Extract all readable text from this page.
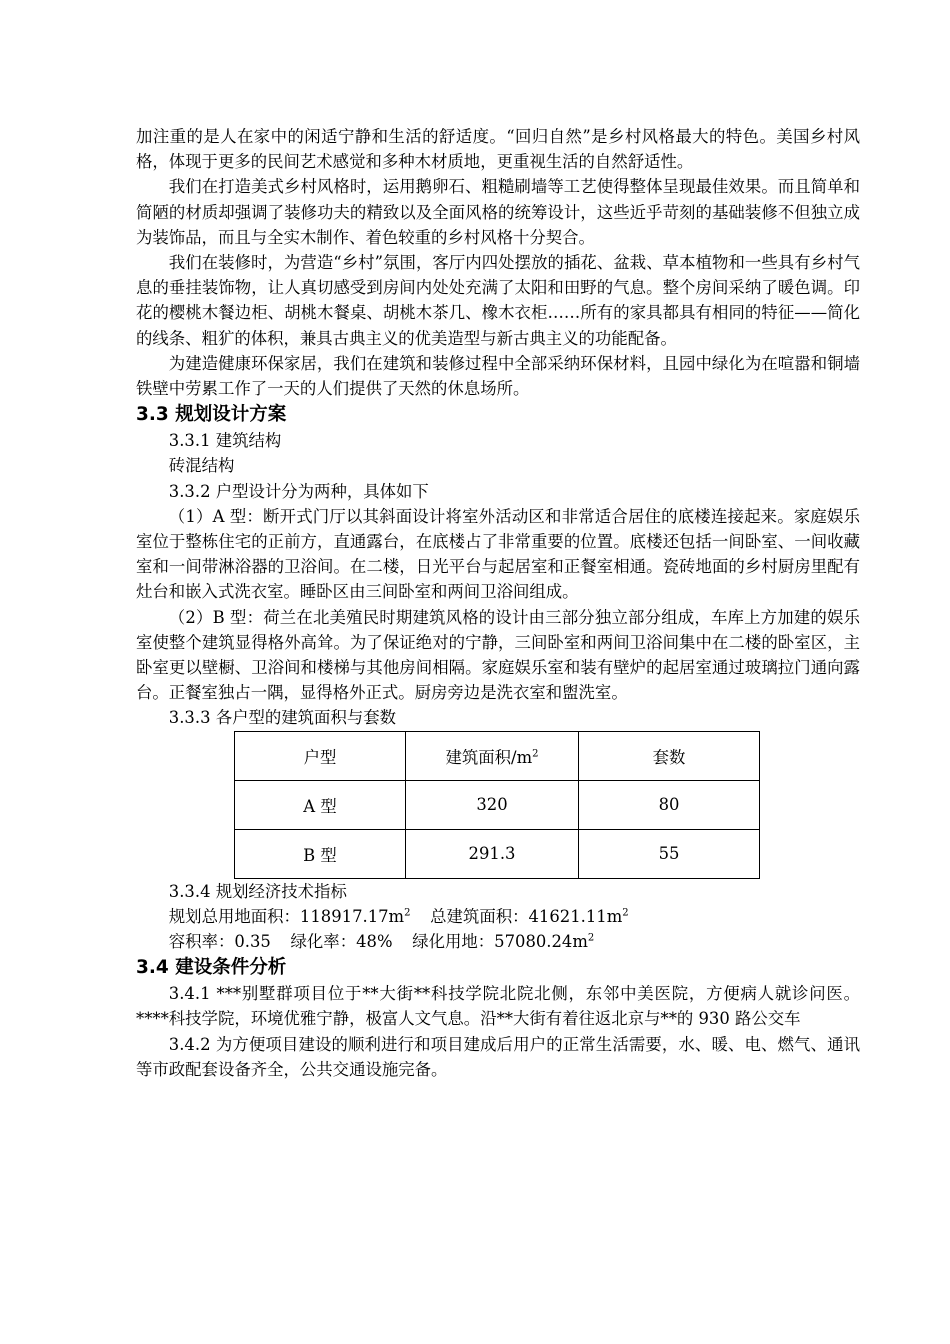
加注重的是人在家中的闲适宁静和生活的舒适度。“回归自然”是乡村风格最大的特色。美国乡村风格，体现于更多的民间艺术感觉和多种木材质地，更重视生活的自然舒适性。

我们在打造美式乡村风格时，运用鹅卵石、粗糙刷墙等工艺使得整体呈现最佳效果。而且简单和简陋的材质却强调了装修功夫的精致以及全面风格的统筹设计，这些近乎苛刻的基础装修不但独立成为装饰品，而且与全实木制作、着色较重的乡村风格十分契合。

我们在装修时，为营造“乡村”氛围，客厅内四处摆放的插花、盆栽、草本植物和一些具有乡村气息的垂挂装饰物，让人真切感受到房间内处处充满了太阳和田野的气息。整个房间采纳了暖色调。印花的樱桃木餐边柜、胡桃木餐桌、胡桃木茶几、橡木衣柜……所有的家具都具有相同的特征——简化的线条、粗犷的体积，兼具古典主义的优美造型与新古典主义的功能配备。

为建造健康环保家居，我们在建筑和装修过程中全部采纳环保材料，且园中绿化为在喧嚣和铜墙铁壁中劳累工作了一天的人们提供了天然的休息场所。

3.3 规划设计方案

3.3.1 建筑结构

砖混结构

3.3.2 户型设计分为两种，具体如下

（1）A 型：断开式门厅以其斜面设计将室外活动区和非常适合居住的底楼连接起来。家庭娱乐室位于整栋住宅的正前方，直通露台，在底楼占了非常重要的位置。底楼还包括一间卧室、一间收藏室和一间带淋浴器的卫浴间。在二楼，日光平台与起居室和正餐室相通。瓷砖地面的乡村厨房里配有灶台和嵌入式洗衣室。睡卧区由三间卧室和两间卫浴间组成。

（2）B 型：荷兰在北美殖民时期建筑风格的设计由三部分独立部分组成，车库上方加建的娱乐室使整个建筑显得格外高耸。为了保证绝对的宁静，三间卧室和两间卫浴间集中在二楼的卧室区，主卧室更以壁橱、卫浴间和楼梯与其他房间相隔。家庭娱乐室和装有壁炉的起居室通过玻璃拉门通向露台。正餐室独占一隅，显得格外正式。厨房旁边是洗衣室和盥洗室。

3.3.3 各户型的建筑面积与套数

户型	建筑面积$/m^2$	套数
A 型	320	80
B 型	291.3	55

3.3.4 规划经济技术指标

规划总用地面积：$118917.17m^2$ 总建筑面积：$41621.11m^2$

容积率：0.35 绿化率：48% 绿化用地：$57080.24m^2$

3.4 建设条件分析

3.4.1 ***别墅群项目位于**大街**科技学院北院北侧，东邻中美医院，方便病人就诊问医。****科技学院，环境优雅宁静，极富人文气息。沿**大街有着往返北京与**的 930 路公交车

3.4.2 为方便项目建设的顺利进行和项目建成后用户的正常生活需要，水、暖、电、燃气、通讯等市政配套设备齐全，公共交通设施完备。
